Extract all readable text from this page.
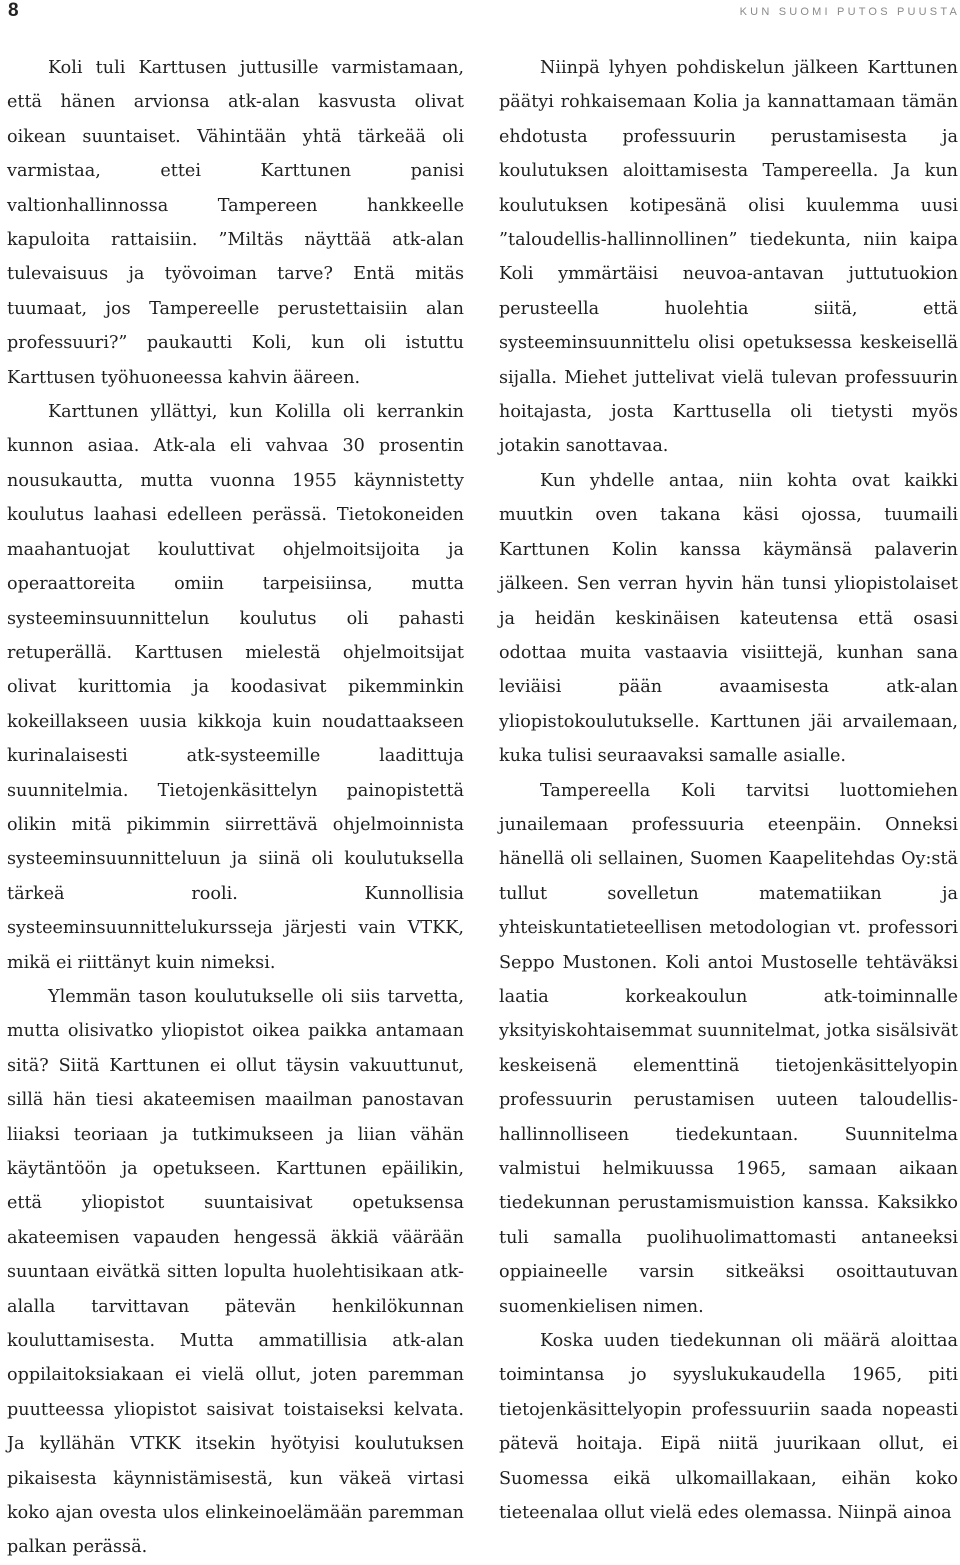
8	KUN SUOMI PUTOS PUUSTA

Koli tuli Karttusen juttusille varmistamaan, että hänen arvionsa atk-alan kasvusta olivat oikean suuntaiset. Vähintään yhtä tärkeää oli varmistaa, ettei Karttunen panisi valtionhallinnossa Tampereen hankkeelle kapuloita rattaisiin. ”Miltäs näyttää atk-alan tulevaisuus ja työvoiman tarve? Entä mitäs tuumaat, jos Tampereelle perustettaisiin alan professuuri?” paukautti Koli, kun oli istuttu Karttusen työhuoneessa kahvin ääreen.

Karttunen yllättyi, kun Kolilla oli kerrankin kunnon asiaa. Atk-ala eli vahvaa 30 prosentin nousukautta, mutta vuonna 1955 käynnistetty koulutus laahasi edelleen perässä. Tietokoneiden maahantuojat kouluttivat ohjelmoitsijoita ja operaattoreita omiin tarpeisiinsa, mutta systeeminsuunnittelun koulutus oli pahasti retuperällä. Karttusen mielestä ohjelmoitsijat olivat kurittomia ja koodasivat pikemminkin kokeillakseen uusia kikkoja kuin noudattaakseen kurinalaisesti atk-systeemille laadittuja suunnitelmia. Tietojenkäsittelyn painopistettä olikin mitä pikimmin siirrettävä ohjelmoinnista systeeminsuunnitteluun ja siinä oli koulutuksella tärkeä rooli. Kunnollisia systeeminsuunnittelukursseja järjesti vain VTKK, mikä ei riittänyt kuin nimeksi.

Ylemmän tason koulutukselle oli siis tarvetta, mutta olisivatko yliopistot oikea paikka antamaan sitä? Siitä Karttunen ei ollut täysin vakuuttunut, sillä hän tiesi akateemisen maailman panostavan liiaksi teoriaan ja tutkimukseen ja liian vähän käytäntöön ja opetukseen. Karttunen epäilikin, että yliopistot suuntaisivat opetuksensa akateemisen vapauden hengessä äkkiä väärään suuntaan eivätkä sitten lopulta huolehtisikaan atk-alalla tarvittavan pätevän henkilökunnan kouluttamisesta. Mutta ammatillisia atk-alan oppilaitoksiakaan ei vielä ollut, joten paremman puutteessa yliopistot saisivat toistaiseksi kelvata. Ja kyllähän VTKK itsekin hyötyisi koulutuksen pikaisesta käynnistämisestä, kun väkeä virtasi koko ajan ovesta ulos elinkeinoelämään paremman palkan perässä.

Niinpä lyhyen pohdiskelun jälkeen Karttunen päätyi rohkaisemaan Kolia ja kannattamaan tämän ehdotusta professuurin perustamisesta ja koulutuksen aloittamisesta Tampereella. Ja kun koulutuksen kotipesänä olisi kuulemma uusi ”taloudellis-hallinnollinen” tiedekunta, niin kaipa Koli ymmärtäisi neuvoa-antavan juttutuokion perusteella huolehtia siitä, että systeeminsuunnittelu olisi opetuksessa keskeisellä sijalla. Miehet juttelivat vielä tulevan professuurin hoitajasta, josta Karttusella oli tietysti myös jotakin sanottavaa.

Kun yhdelle antaa, niin kohta ovat kaikki muutkin oven takana käsi ojossa, tuumaili Karttunen Kolin kanssa käymänsä palaverin jälkeen. Sen verran hyvin hän tunsi yliopistolaiset ja heidän keskinäisen kateutensa että osasi odottaa muita vastaavia visiittejä, kunhan sana leviäisi pään avaamisesta atk-alan yliopistokoulutukselle. Karttunen jäi arvailemaan, kuka tulisi seuraavaksi samalle asialle.

Tampereella Koli tarvitsi luottomiehen junailemaan professuuria eteenpäin. Onneksi hänellä oli sellainen, Suomen Kaapelitehdas Oy:stä tullut sovelletun matematiikan ja yhteiskuntatieteellisen metodologian vt. professori Seppo Mustonen. Koli antoi Mustoselle tehtäväksi laatia korkeakoulun atk-toiminnalle yksityiskohtaisemmat suunnitelmat, jotka sisälsivät keskeisenä elementtinä tietojenkäsittelyopin professuurin perustamisen uuteen taloudellis-hallinnolliseen tiedekuntaan. Suunnitelma valmistui helmikuussa 1965, samaan aikaan tiedekunnan perustamismuistion kanssa. Kaksikko tuli samalla puolihuolimattomasti antaneeksi oppiaineelle varsin sitkeäksi osoittautuvan suomenkielisen nimen.

Koska uuden tiedekunnan oli määrä aloittaa toimintansa jo syyslukukaudella 1965, piti tietojenkäsittelyopin professuuriin saada nopeasti pätevä hoitaja. Eipä niitä juurikaan ollut, ei Suomessa eikä ulkomaillakaan, eihän koko tieteenalaa ollut vielä edes olemassa. Niinpä ainoa
